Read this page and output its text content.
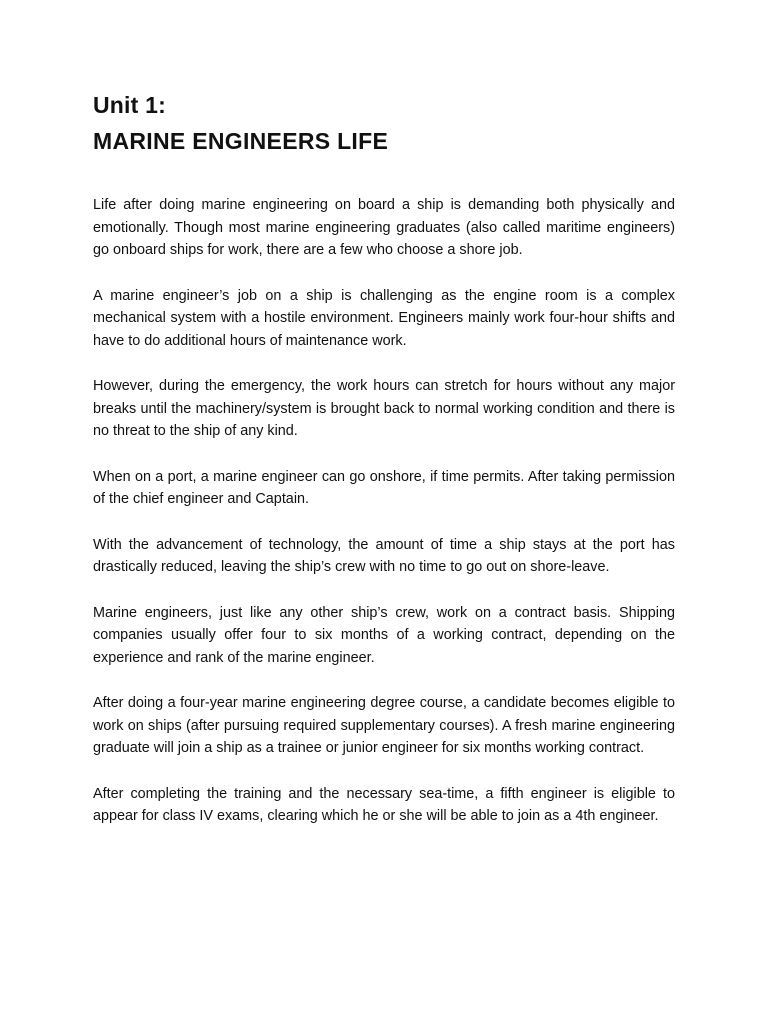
Unit 1:
MARINE ENGINEERS LIFE

Life after doing marine engineering on board a ship is demanding both physically and emotionally. Though most marine engineering graduates (also called maritime engineers) go onboard ships for work, there are a few who choose a shore job.

A marine engineer’s job on a ship is challenging as the engine room is a complex mechanical system with a hostile environment. Engineers mainly work four-hour shifts and have to do additional hours of maintenance work.

However, during the emergency, the work hours can stretch for hours without any major breaks until the machinery/system is brought back to normal working condition and there is no threat to the ship of any kind.

When on a port, a marine engineer can go onshore, if time permits. After taking permission of the chief engineer and Captain.

With the advancement of technology, the amount of time a ship stays at the port has drastically reduced, leaving the ship’s crew with no time to go out on shore-leave.

Marine engineers, just like any other ship’s crew, work on a contract basis. Shipping companies usually offer four to six months of a working contract, depending on the experience and rank of the marine engineer.

After doing a four-year marine engineering degree course, a candidate becomes eligible to work on ships (after pursuing required supplementary courses). A fresh marine engineering graduate will join a ship as a trainee or junior engineer for six months working contract.

After completing the training and the necessary sea-time, a fifth engineer is eligible to appear for class IV exams, clearing which he or she will be able to join as a 4th engineer.
